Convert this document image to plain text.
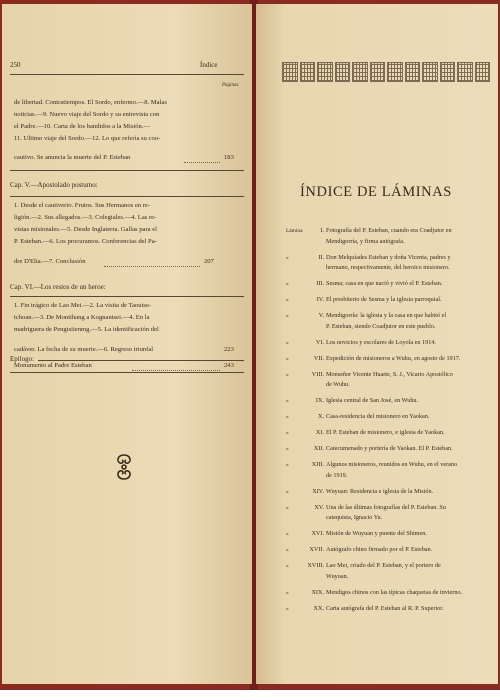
250	Índice
Páginas
de libertad. Contratiempos. El Sordo, enfermo.—8. Malas
noticias.—9. Nuevo viaje del Sordo y su entrevista con
el Padre.—10. Carta de los bandidos a la Misión.—
11. Ultimo viaje del Sordo.—12. Lo que refería su coo-
cautivo. Se anuncia la muerte del P. Esteban	183
Cap. V.—Apostolado postumo:
1. Desde el cautiverio. Frutos. Sus Hermanos en re-
ligión.—2. Sus allegados.—3. Colegiales.—4. Las re-
vistas misionales.—5. Desde Inglaterra. Gallas para el
P. Esteban.—6. Los procuramos. Conferencias del Pa-
dre D'Elia.—7. Conclusión	207
Cap. VI.—Los restos de un heroe:
1. Fin trágico de Lao Mei.—2. La visita de Taoutse-
tchoan.—3. De Montihang a Kognantsei.—4. En la
madriguera de Pengtsiienmg.—5. La identificación del
cadáver. La fecha de su muerte.—6. Regreso triunfal	223
Epilogo:
Monumento al Padre Esteban	243
ÍNDICE DE LÁMINAS
Lámina	I. Fotografía del P. Esteban, cuando era Coadjutor en
Mendigorría, y firma autógrafa.
»	II. Don Melquíades Esteban y doña Vicenta, padres y
hermano, respectivamente, del heroico misionero.
»	III. Sesma; casa en que nació y vivió el P. Esteban.
»	IV. El presbiterio de Sesma y la iglesia parroquial.
»	V. Mendigorría: la iglesia y la casa en que habitó el
P. Esteban, siendo Coadjutor en este pueblo.
»	VI. Los novicios y escolares de Loyola en 1914.
»	VII. Expedición de misioneros a Wuhu, en agosto de 1917.
»	VIII. Monseñor Vicente Huarte, S. J., Vicario Apostólico
de Wuhu.
»	IX. Iglesia central de San José, en Wuhu.
»	X. Casa-residencia del misionero en Yaokan.
»	XI. El P. Esteban de misionero, e iglesia de Yaokan.
»	XII. Catecumenado y portería de Yaokan. El P. Esteban.
»	XIII. Algunos misioneros, reunidos en Wuhu, en el verano
de 1919.
»	XIV. Wuyuan: Residencia e iglesia de la Misión.
»	XV. Una de las últimas fotografías del P. Esteban. Su
catequista, Ignacio Yu.
»	XVI. Misión de Wuyuan y puente del Shimen.
»	XVII. Autógrafo chino firmado por el P. Esteban.
»	XVIII. Lao Mei, criado del P. Esteban, y el portero de
Wuyuan.
»	XIX. Mendigos chinos con las típicas chaquetas de invierno.
»	XX. Carta autógrafa del P. Esteban al R. P. Superior.
